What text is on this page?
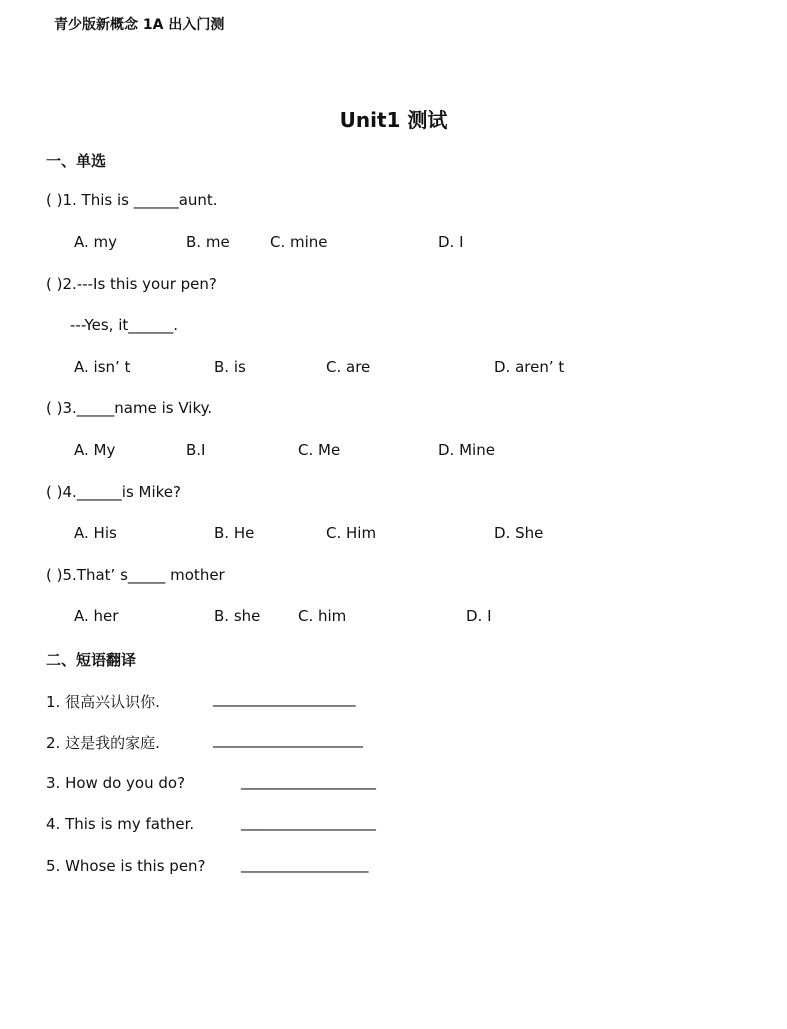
青少版新概念 1A 出入门测
Unit1 测试
一、单选
( )1. This is ______aunt.
A. my	B. me	C. mine	D. I
( )2.---Is this your pen?
---Yes, it______.
A. isn’ t	B. is	C. are	D. aren’ t
( )3._____name is Viky.
A. My	B.I	C. Me	D. Mine
( )4.______is Mike?
A. His	B. He	C. Him	D. She
( )5.That’ s_____ mother
A. her	B. she	C. him	D. I
二、短语翻译
1. 很高兴认识你.	___________________
2. 这是我的家庭.	____________________
3. How do you do?	__________________
4. This is my father.	__________________
5. Whose is this pen? _________________
